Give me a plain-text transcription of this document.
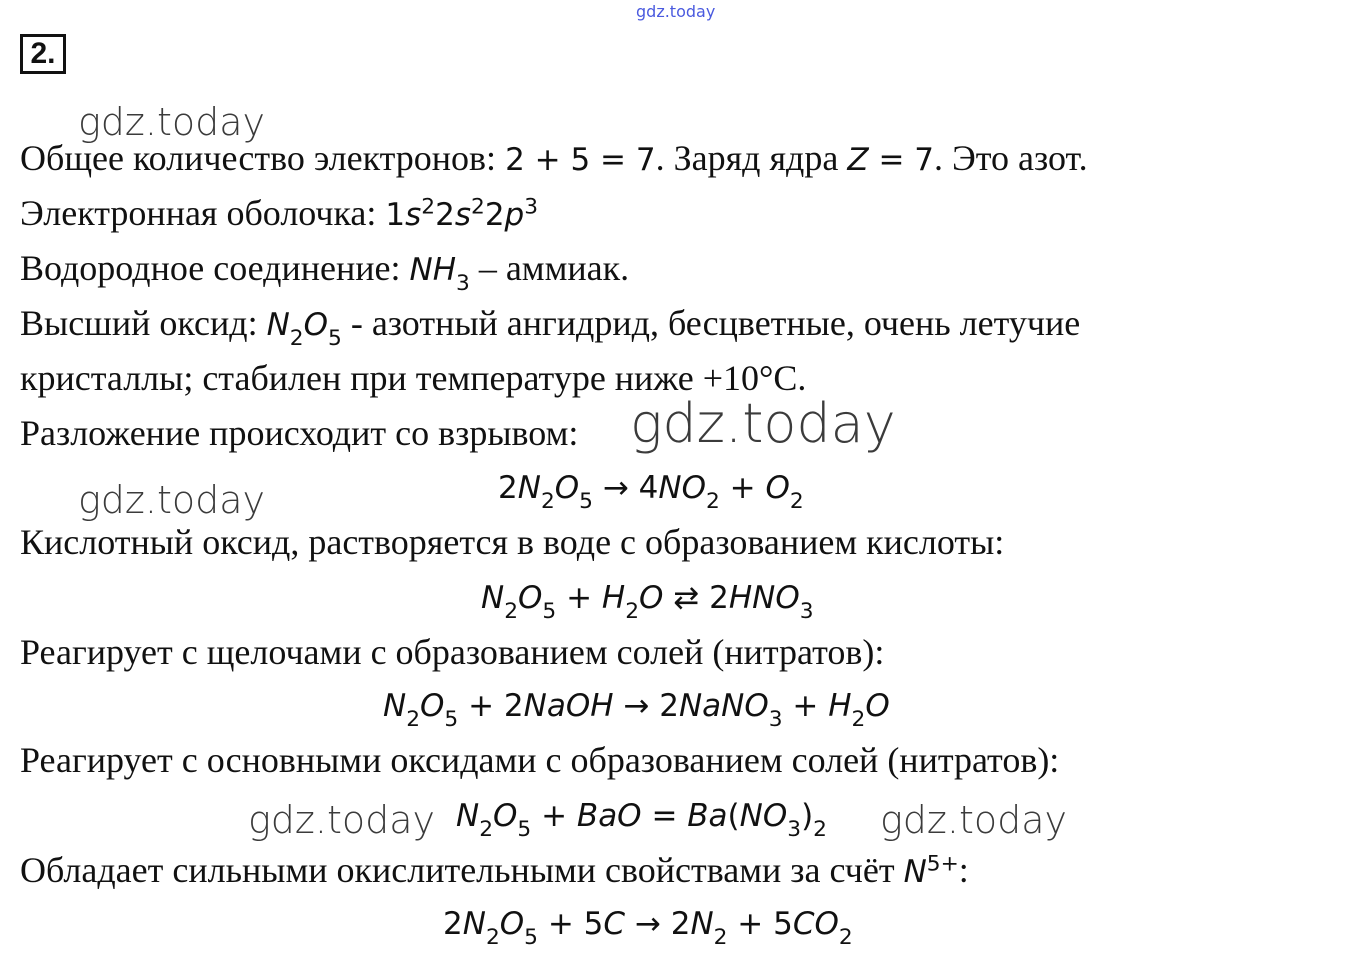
gdz.today
2.
gdz.today
Общее количество электронов: 2 + 5 = 7. Заряд ядра Z = 7. Это азот.
Электронная оболочка: $1s^22s^22p^3$
Водородное соединение: $NH_3$ – аммиак.
Высший оксид: $N_2O_5$ - азотный ангидрид, бесцветные, очень летучие
кристаллы; стабилен при температуре ниже +10°С.
Разложение происходит со взрывом: gdz.today
$2N_2O_5 \to 4NO_2 + O_2$
gdz.today
Кислотный оксид, растворяется в воде с образованием кислоты:
$N_2O_5 + H_2O$ ⇄ $2HNO_3$
Реагирует с щелочами с образованием солей (нитратов):
$N_2O_5$ + 2NaOH → 2NaNO$_3$ + $H_2O$
Реагирует с основными оксидами с образованием солей (нитратов):
gdz.today $N_2O_5$ + BaO = $Ba(NO_3)_2$ gdz.today
Обладает сильными окислительными свойствами за счёт $N^{5+}$:
$2N_2O_5 + 5C \to 2N_2 + 5CO_2$
